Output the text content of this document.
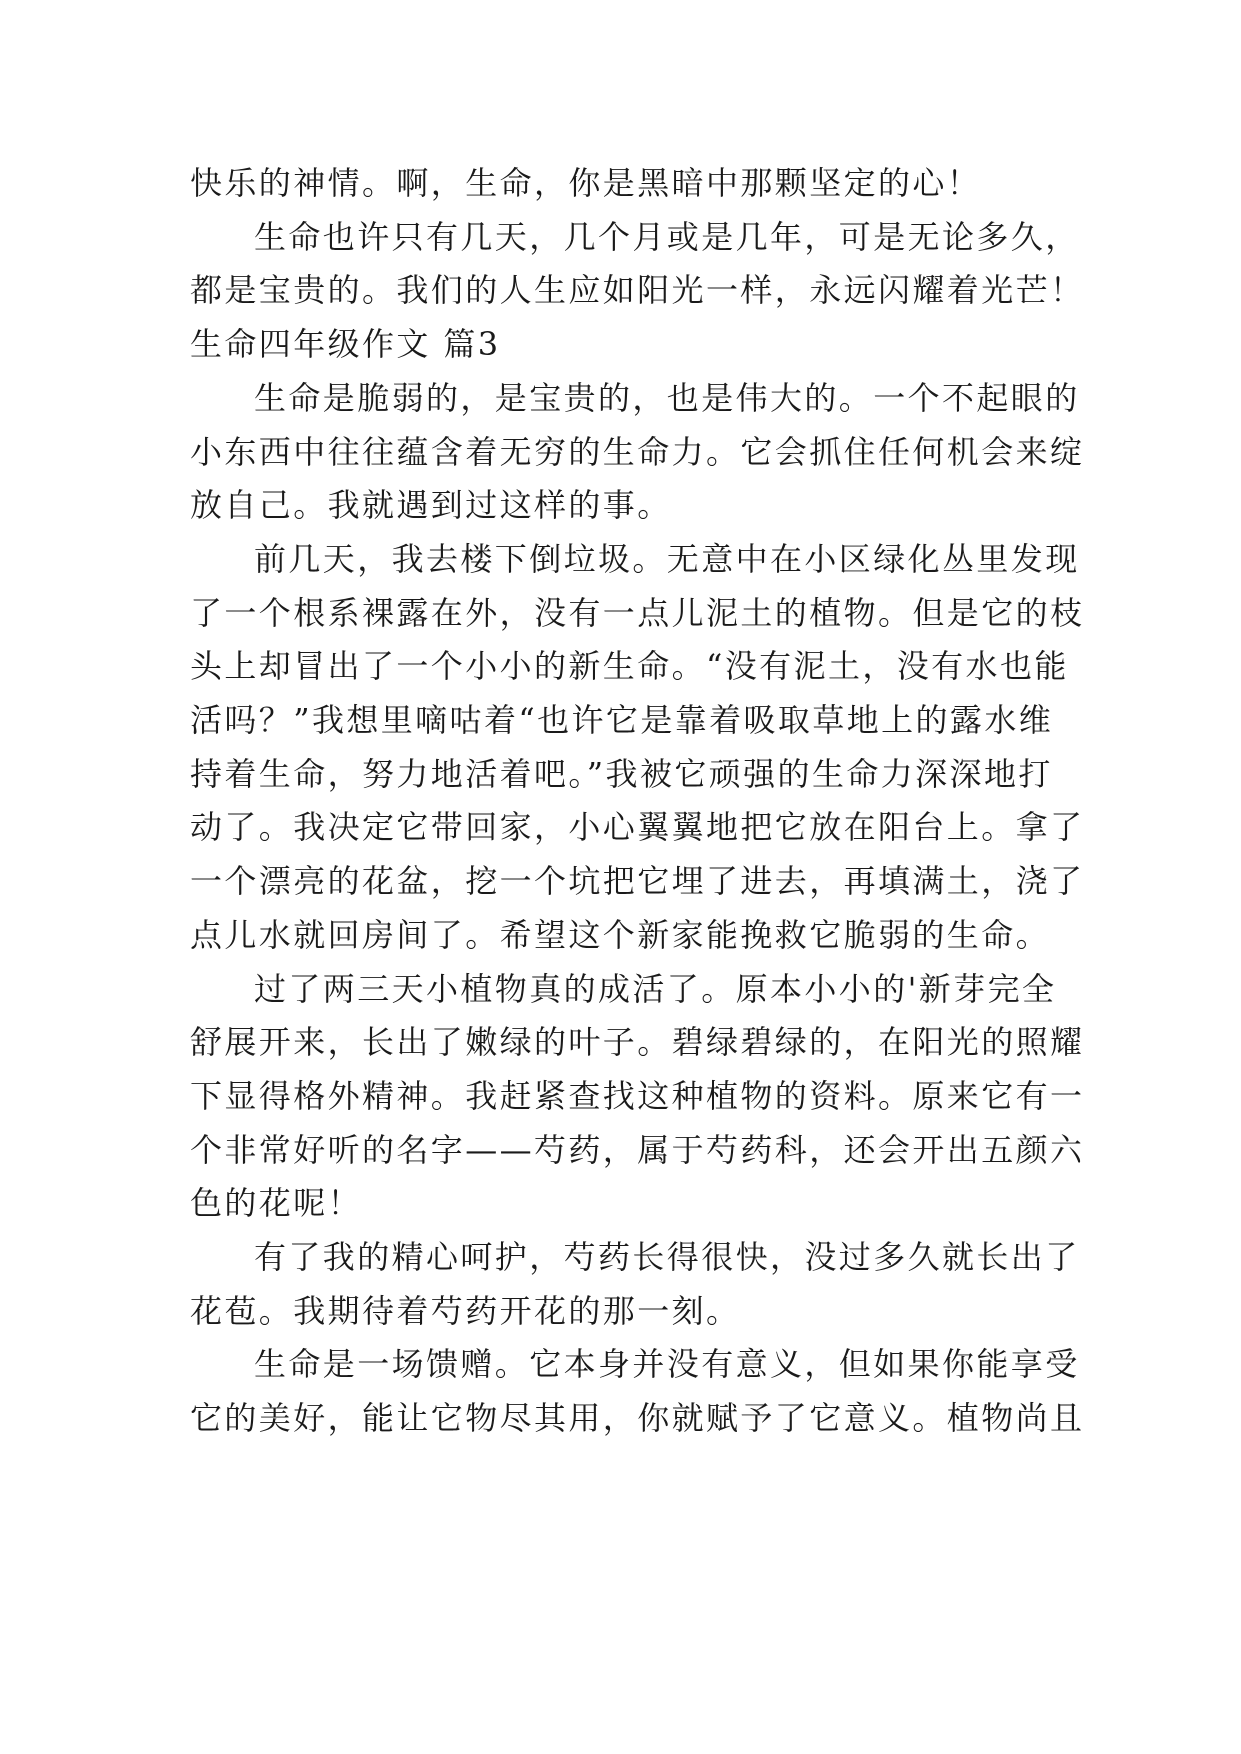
快乐的神情。啊，生命，你是黑暗中那颗坚定的心！

生命也许只有几天，几个月或是几年，可是无论多久，
都是宝贵的。我们的人生应如阳光一样，永远闪耀着光芒！

生命四年级作文 篇3

生命是脆弱的，是宝贵的，也是伟大的。一个不起眼的
小东西中往往蕴含着无穷的生命力。它会抓住任何机会来绽
放自己。我就遇到过这样的事。

前几天，我去楼下倒垃圾。无意中在小区绿化丛里发现
了一个根系裸露在外，没有一点儿泥土的植物。但是它的枝
头上却冒出了一个小小的新生命。“没有泥土，没有水也能
活吗？”我想里嘀咕着“也许它是靠着吸取草地上的露水维
持着生命，努力地活着吧。”我被它顽强的生命力深深地打
动了。我决定它带回家，小心翼翼地把它放在阳台上。拿了
一个漂亮的花盆，挖一个坑把它埋了进去，再填满土，浇了
点儿水就回房间了。希望这个新家能挽救它脆弱的生命。

过了两三天小植物真的成活了。原本小小的'新芽完全
舒展开来，长出了嫩绿的叶子。碧绿碧绿的，在阳光的照耀
下显得格外精神。我赶紧查找这种植物的资料。原来它有一
个非常好听的名字——芍药，属于芍药科，还会开出五颜六
色的花呢！

有了我的精心呵护，芍药长得很快，没过多久就长出了
花苞。我期待着芍药开花的那一刻。

生命是一场馈赠。它本身并没有意义，但如果你能享受
它的美好，能让它物尽其用，你就赋予了它意义。植物尚且
